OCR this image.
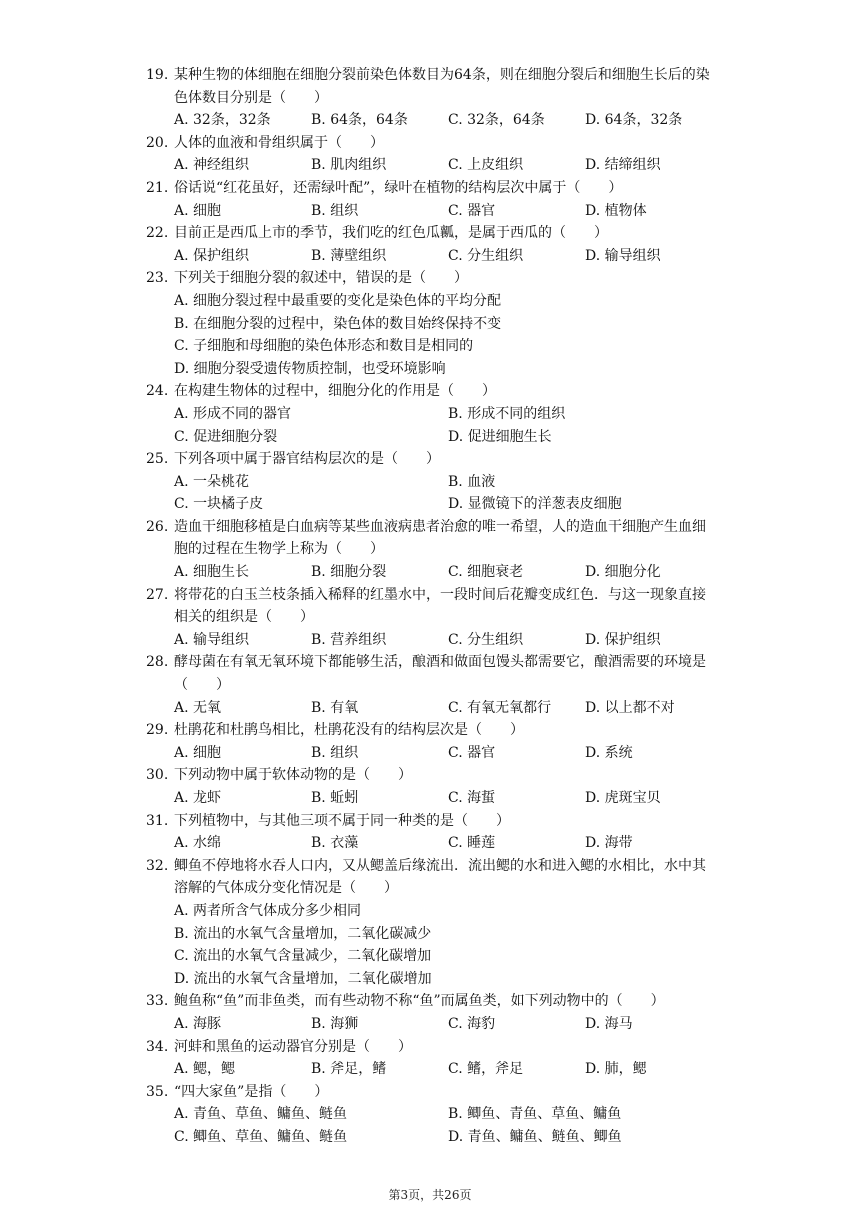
19. 某种生物的体细胞在细胞分裂前染色体数目为64条，则在细胞分裂后和细胞生长后的染色体数目分别是（　　）
A. 32条，32条	B. 64条，64条	C. 32条，64条	D. 64条，32条
20. 人体的血液和骨组织属于（　　）
A. 神经组织	B. 肌肉组织	C. 上皮组织	D. 结缔组织
21. 俗话说“红花虽好，还需绿叶配”，绿叶在植物的结构层次中属于（　　）
A. 细胞	B. 组织	C. 器官	D. 植物体
22. 目前正是西瓜上市的季节，我们吃的红色瓜瓤，是属于西瓜的（　　）
A. 保护组织	B. 薄壁组织	C. 分生组织	D. 输导组织
23. 下列关于细胞分裂的叙述中，错误的是（　　）
A. 细胞分裂过程中最重要的变化是染色体的平均分配
B. 在细胞分裂的过程中，染色体的数目始终保持不变
C. 子细胞和母细胞的染色体形态和数目是相同的
D. 细胞分裂受遗传物质控制，也受环境影响
24. 在构建生物体的过程中，细胞分化的作用是（　　）
A. 形成不同的器官	B. 形成不同的组织
C. 促进细胞分裂	D. 促进细胞生长
25. 下列各项中属于器官结构层次的是（　　）
A. 一朵桃花	B. 血液
C. 一块橘子皮	D. 显微镜下的洋葱表皮细胞
26. 造血干细胞移植是白血病等某些血液病患者治愈的唯一希望，人的造血干细胞产生血细胞的过程在生物学上称为（　　）
A. 细胞生长	B. 细胞分裂	C. 细胞衰老	D. 细胞分化
27. 将带花的白玉兰枝条插入稀释的红墨水中，一段时间后花瓣变成红色．与这一现象直接相关的组织是（　　）
A. 输导组织	B. 营养组织	C. 分生组织	D. 保护组织
28. 酵母菌在有氧无氧环境下都能够生活，酿酒和做面包馒头都需要它，酿酒需要的环境是（　　）
A. 无氧	B. 有氧	C. 有氧无氧都行	D. 以上都不对
29. 杜鹃花和杜鹃鸟相比，杜鹃花没有的结构层次是（　　）
A. 细胞	B. 组织	C. 器官	D. 系统
30. 下列动物中属于软体动物的是（　　）
A. 龙虾	B. 蚯蚓	C. 海蜇	D. 虎斑宝贝
31. 下列植物中，与其他三项不属于同一种类的是（　　）
A. 水绵	B. 衣藻	C. 睡莲	D. 海带
32. 鲫鱼不停地将水吞人口内，又从鳃盖后缘流出．流出鳃的水和进入鳃的水相比，水中其溶解的气体成分变化情况是（　　）
A. 两者所含气体成分多少相同
B. 流出的水氧气含量增加，二氧化碳减少
C. 流出的水氧气含量减少，二氧化碳增加
D. 流出的水氧气含量增加，二氧化碳增加
33. 鲍鱼称“鱼”而非鱼类，而有些动物不称“鱼”而属鱼类，如下列动物中的（　　）
A. 海豚	B. 海狮	C. 海豹	D. 海马
34. 河蚌和黑鱼的运动器官分别是（　　）
A. 鳃，鳃	B. 斧足，鳍	C. 鳍，斧足	D. 肺，鳃
35. “四大家鱼”是指（　　）
A. 青鱼、草鱼、鳙鱼、鲢鱼	B. 鲫鱼、青鱼、草鱼、鳙鱼
C. 鲫鱼、草鱼、鳙鱼、鲢鱼	D. 青鱼、鳙鱼、鲢鱼、鲫鱼
第3页，共26页
